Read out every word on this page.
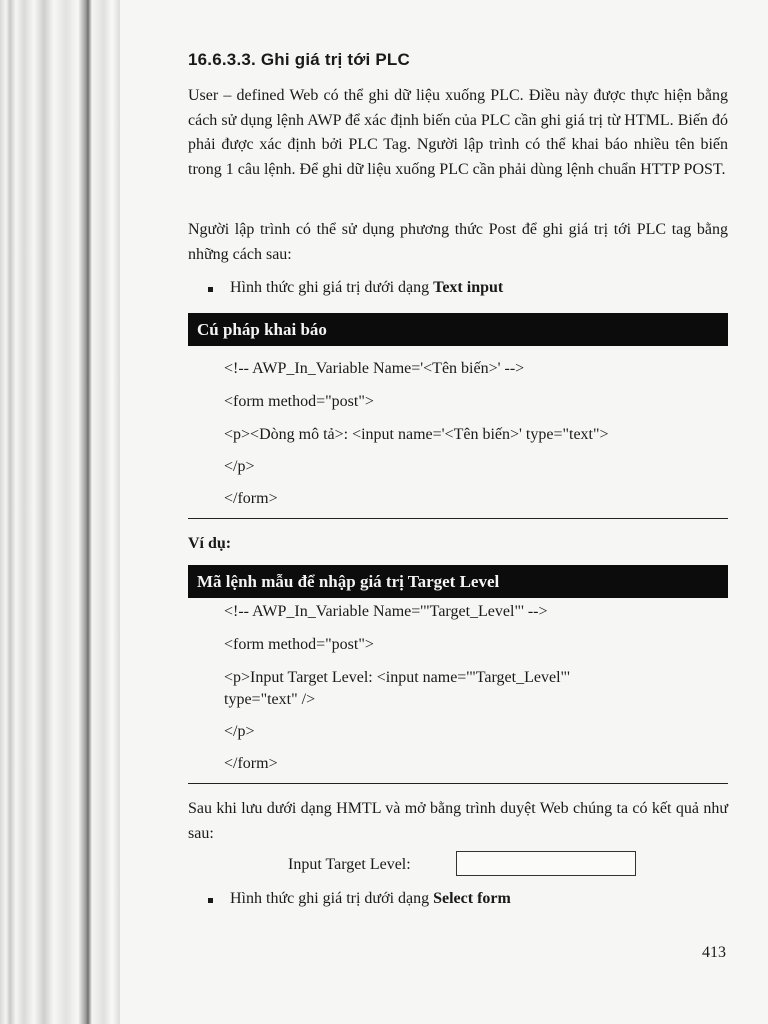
16.6.3.3. Ghi giá trị tới PLC
User – defined Web có thể ghi dữ liệu xuống PLC. Điều này được thực hiện bằng cách sử dụng lệnh AWP để xác định biến của PLC cần ghi giá trị từ HTML. Biến đó phải được xác định bởi PLC Tag. Người lập trình có thể khai báo nhiều tên biến trong 1 câu lệnh. Để ghi dữ liệu xuống PLC cần phải dùng lệnh chuẩn HTTP POST.
Người lập trình có thể sử dụng phương thức Post để ghi giá trị tới PLC tag bằng những cách sau:
Hình thức ghi giá trị dưới dạng Text input
Cú pháp khai báo
<!-- AWP_In_Variable Name='<Tên biến>' -->
<form method="post">
<p><Dòng mô tả>: <input name='<Tên biến>' type="text">
</p>
</form>
Ví dụ:
Mã lệnh mẫu để nhập giá trị Target Level
<!-- AWP_In_Variable Name='"Target_Level"' -->
<form method="post">
<p>Input Target Level: <input name='"Target_Level"'
type="text" />
</p>
</form>
Sau khi lưu dưới dạng HMTL và mở bằng trình duyệt Web chúng ta có kết quả như sau:
Input Target Level:
Hình thức ghi giá trị dưới dạng Select form
413
